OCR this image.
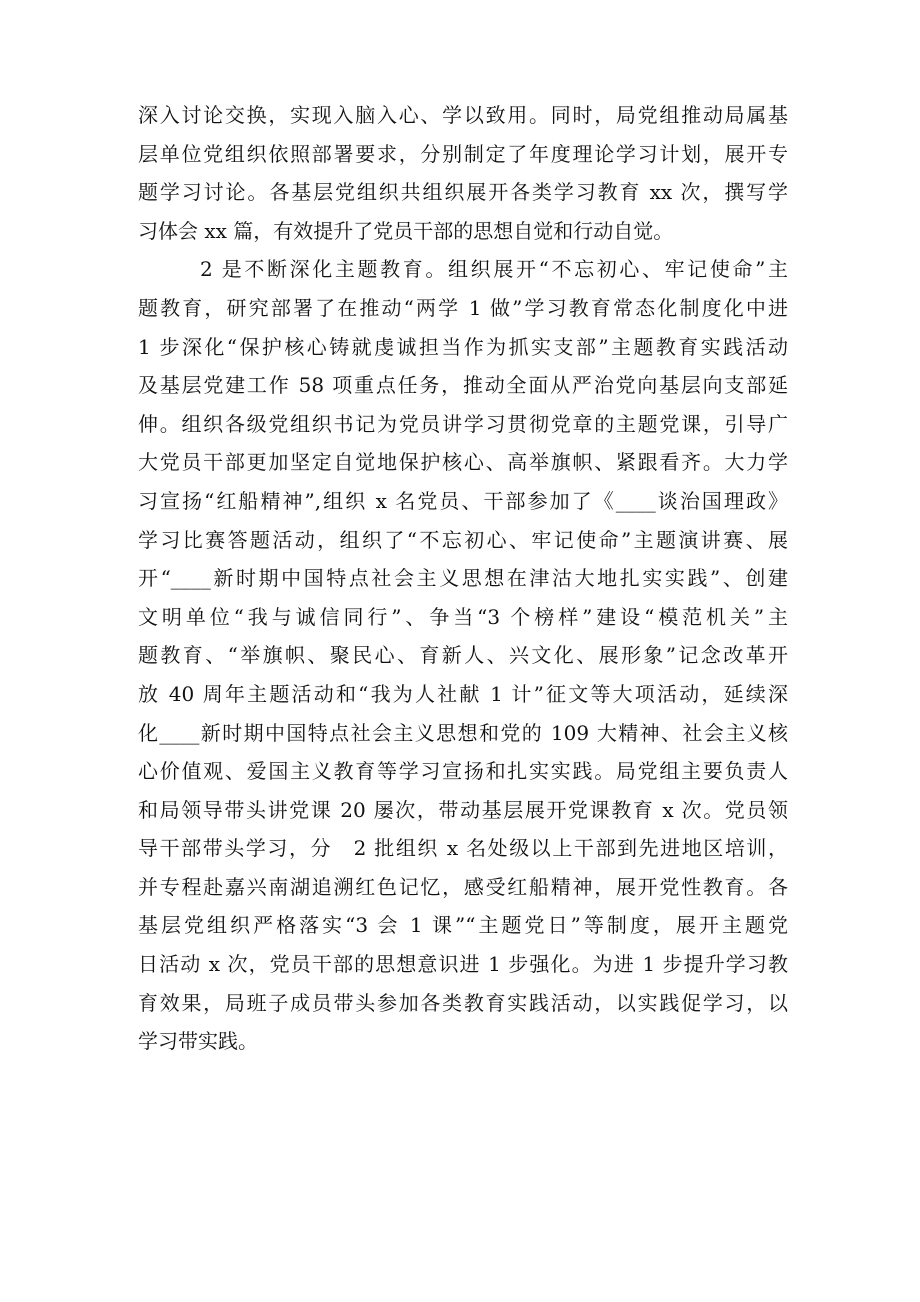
深入讨论交换，实现入脑入心、学以致用。同时，局党组推动局属基
层单位党组织依照部署要求，分别制定了年度理论学习计划，展开专
题学习讨论。各基层党组织共组织展开各类学习教育 xx 次，撰写学
习体会 xx 篇，有效提升了党员干部的思想自觉和行动自觉。
2 是不断深化主题教育。组织展开“不忘初心、牢记使命”主
题教育，研究部署了在推动“两学 1 做”学习教育常态化制度化中进
1 步深化“保护核心铸就虔诚担当作为抓实支部”主题教育实践活动
及基层党建工作 58 项重点任务，推动全面从严治党向基层向支部延
伸。组织各级党组织书记为党员讲学习贯彻党章的主题党课，引导广
大党员干部更加坚定自觉地保护核心、高举旗帜、紧跟看齐。大力学
习宣扬“红船精神”,组织 x 名党员、干部参加了《____谈治国理政》
学习比赛答题活动，组织了“不忘初心、牢记使命”主题演讲赛、展
开“____新时期中国特点社会主义思想在津沽大地扎实实践”、创建
文明单位“我与诚信同行”、争当“3 个榜样”建设“模范机关”主
题教育、“举旗帜、聚民心、育新人、兴文化、展形象”记念改革开
放 40 周年主题活动和“我为人社献 1 计”征文等大项活动，延续深
化____新时期中国特点社会主义思想和党的 109 大精神、社会主义核
心价值观、爱国主义教育等学习宣扬和扎实实践。局党组主要负责人
和局领导带头讲党课 20 屡次，带动基层展开党课教育 x 次。党员领
导干部带头学习，分　2 批组织 x 名处级以上干部到先进地区培训，
并专程赴嘉兴南湖追溯红色记忆，感受红船精神，展开党性教育。各
基层党组织严格落实“3 会 1 课”“主题党日”等制度，展开主题党
日活动 x 次，党员干部的思想意识进 1 步强化。为进 1 步提升学习教
育效果，局班子成员带头参加各类教育实践活动，以实践促学习，以
学习带实践。
